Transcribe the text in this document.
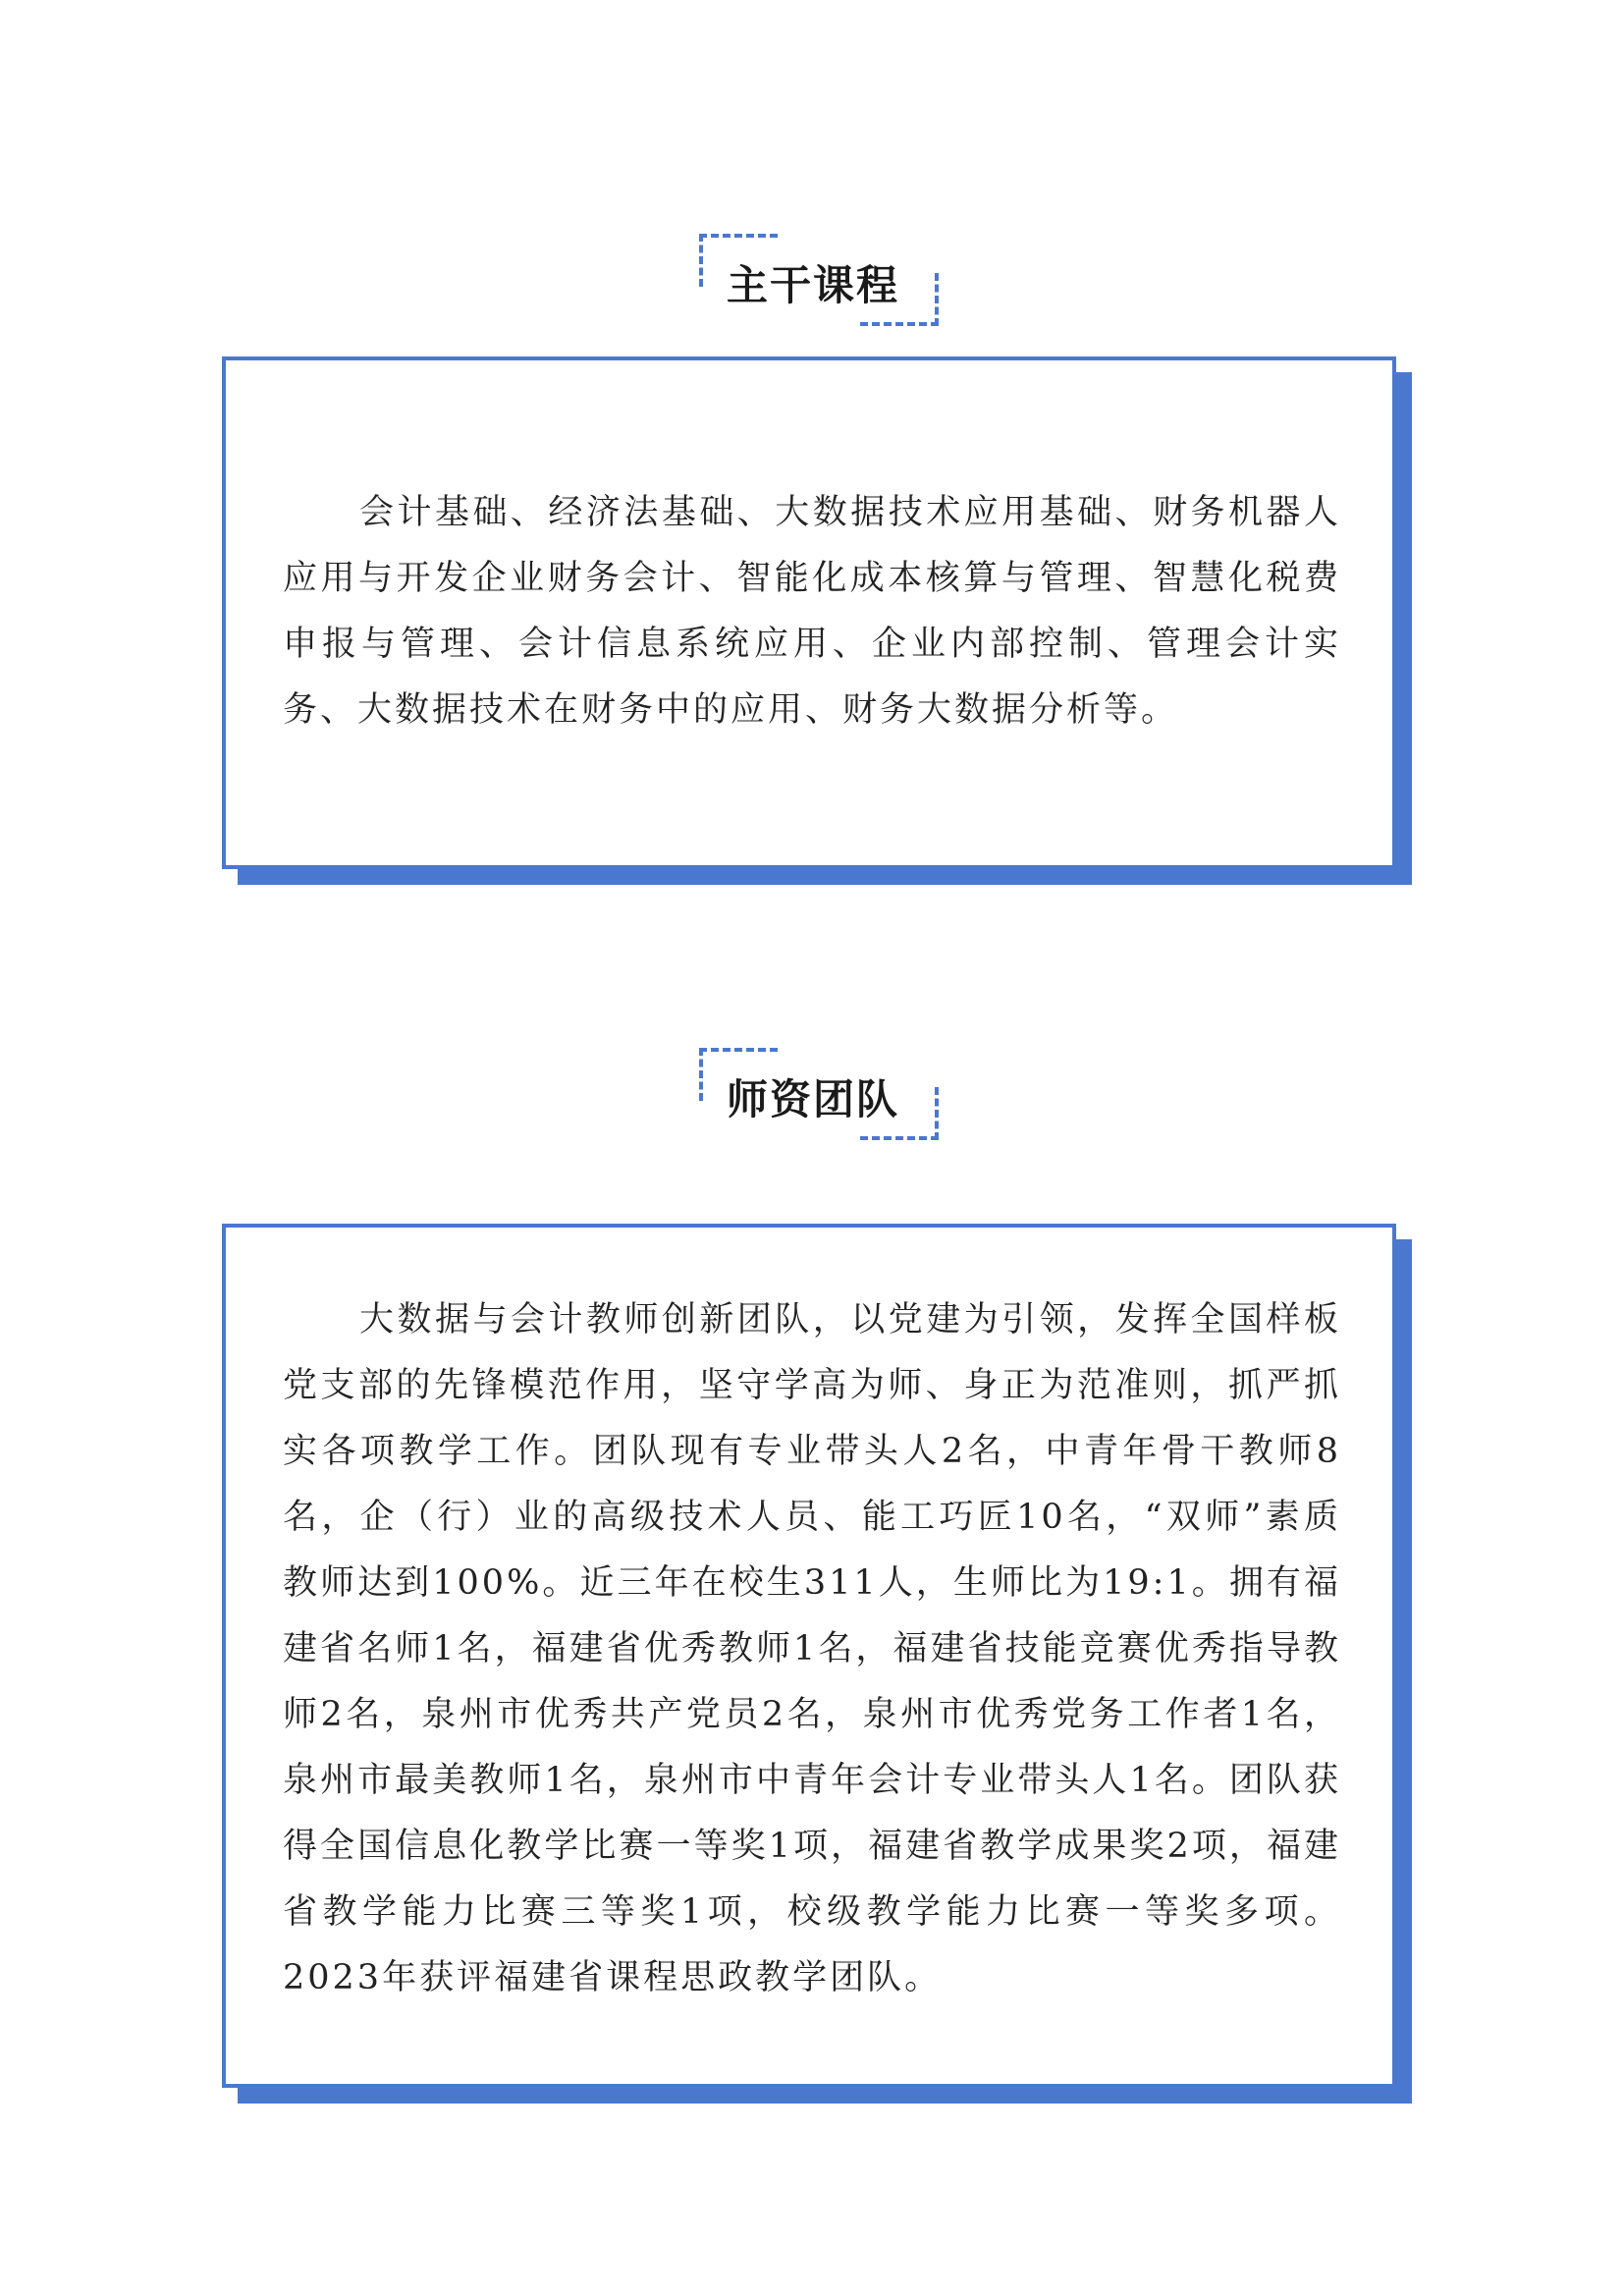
主干课程

会计基础、经济法基础、大数据技术应用基础、财务机器人应用与开发企业财务会计、智能化成本核算与管理、智慧化税费申报与管理、会计信息系统应用、企业内部控制、管理会计实务、大数据技术在财务中的应用、财务大数据分析等。

师资团队

大数据与会计教师创新团队，以党建为引领，发挥全国样板党支部的先锋模范作用，坚守学高为师、身正为范准则，抓严抓实各项教学工作。团队现有专业带头人2名，中青年骨干教师8名，企（行）业的高级技术人员、能工巧匠10名，“双师”素质教师达到100%。近三年在校生311人，生师比为19:1。拥有福建省名师1名，福建省优秀教师1名，福建省技能竞赛优秀指导教师2名，泉州市优秀共产党员2名，泉州市优秀党务工作者1名，泉州市最美教师1名，泉州市中青年会计专业带头人1名。团队获得全国信息化教学比赛一等奖1项，福建省教学成果奖2项，福建省教学能力比赛三等奖1项，校级教学能力比赛一等奖多项。2023年获评福建省课程思政教学团队。
